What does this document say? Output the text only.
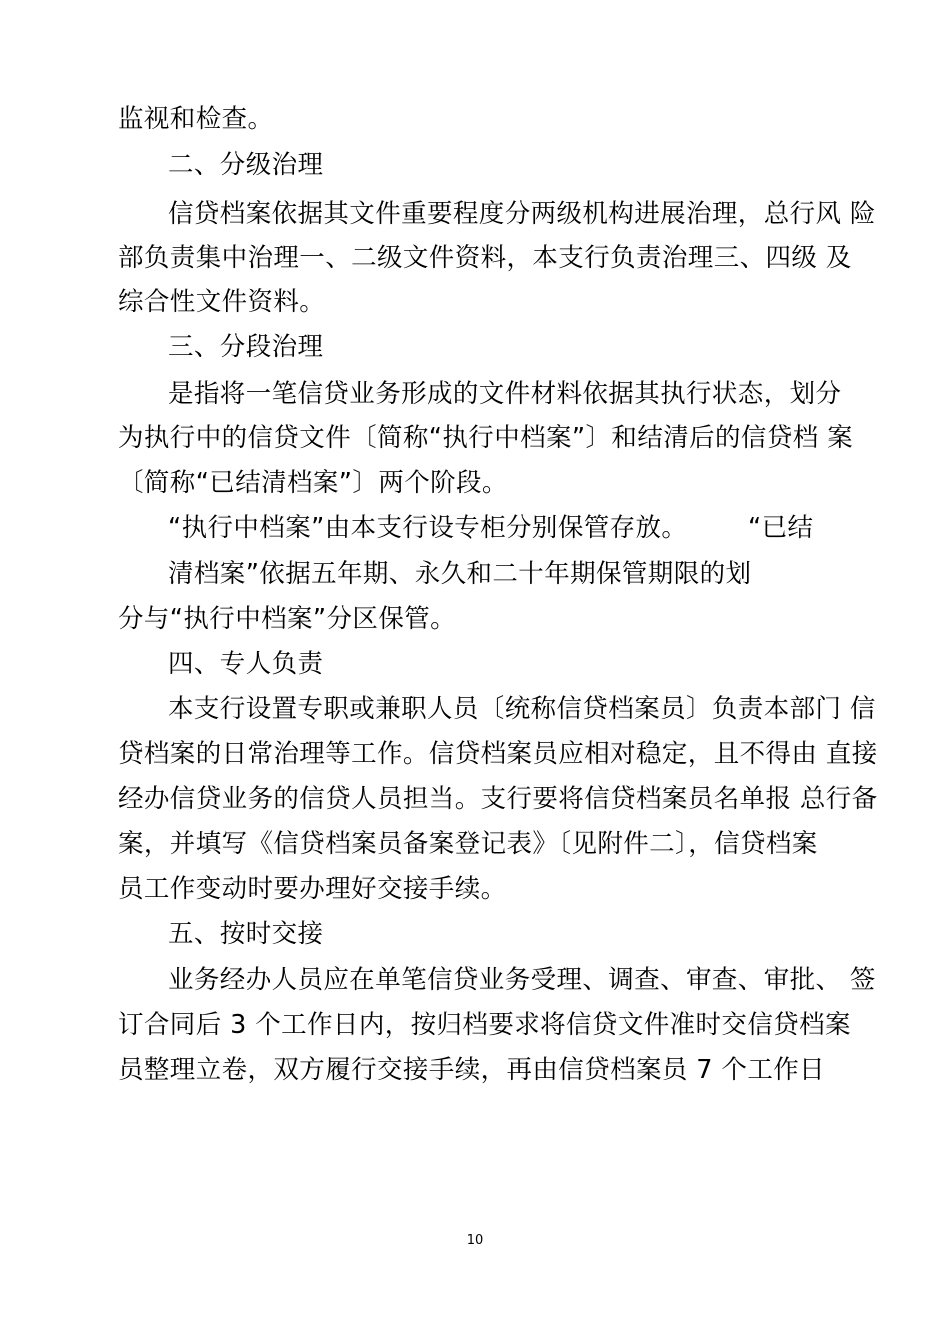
监视和检查。
二、分级治理
信贷档案依据其文件重要程度分两级机构进展治理，总行风 险
部负责集中治理一、二级文件资料，本支行负责治理三、四级 及
综合性文件资料。
三、分段治理
是指将一笔信贷业务形成的文件材料依据其执行状态，划分
为执行中的信贷文件〔简称“执行中档案”〕和结清后的信贷档 案
〔简称“已结清档案”〕两个阶段。
“执行中档案”由本支行设专柜分别保管存放。	“已结
清档案”依据五年期、永久和二十年期保管期限的划
分与“执行中档案”分区保管。
四、专人负责
本支行设置专职或兼职人员〔统称信贷档案员〕负责本部门 信
贷档案的日常治理等工作。信贷档案员应相对稳定，且不得由 直接
经办信贷业务的信贷人员担当。支行要将信贷档案员名单报 总行备
案，并填写《信贷档案员备案登记表》〔见附件二〕，信贷档案
员工作变动时要办理好交接手续。
五、按时交接
业务经办人员应在单笔信贷业务受理、调查、审查、审批、 签
订合同后 3 个工作日内，按归档要求将信贷文件准时交信贷档案
员整理立卷，双方履行交接手续，再由信贷档案员 7 个工作日
10
